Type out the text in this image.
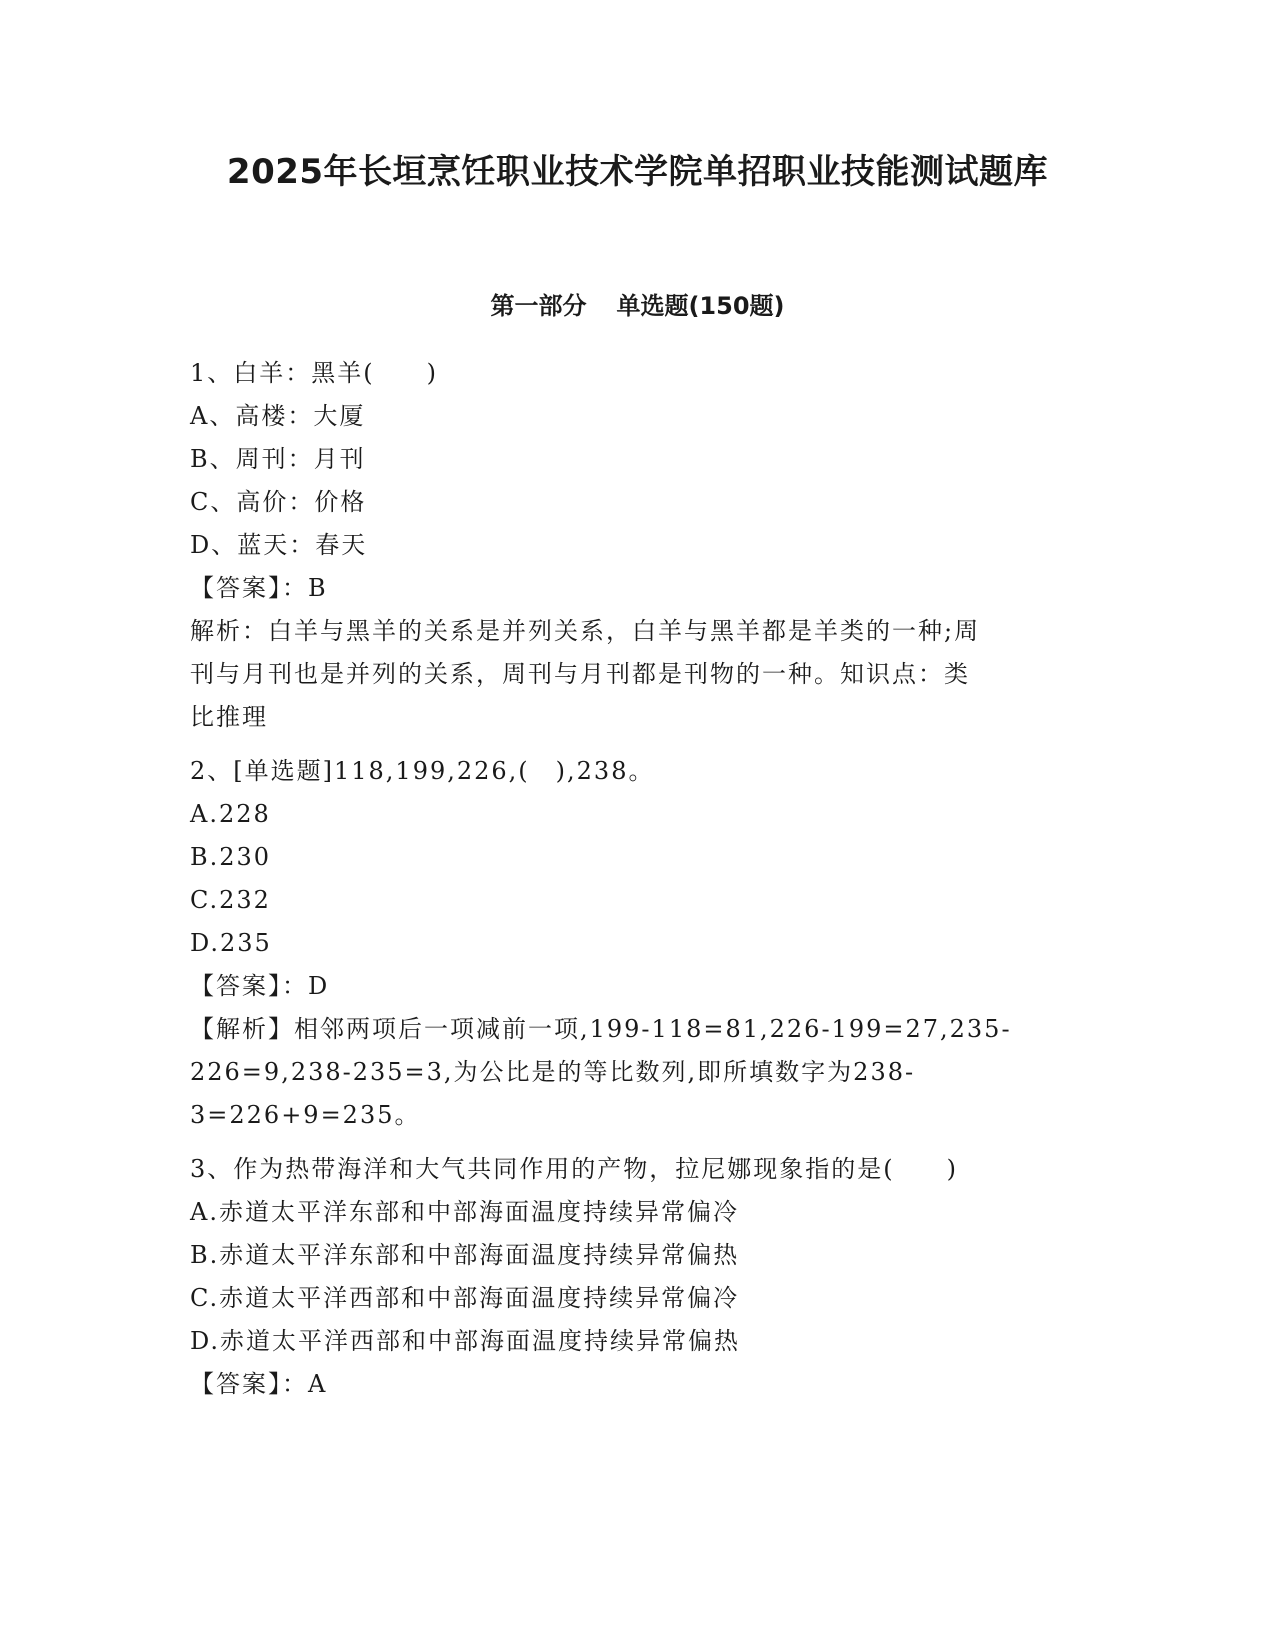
2025年长垣烹饪职业技术学院单招职业技能测试题库
第一部分 单选题(150题)
1、白羊：黑羊(　　)
A、高楼：大厦
B、周刊：月刊
C、高价：价格
D、蓝天：春天
【答案】：B
解析：白羊与黑羊的关系是并列关系，白羊与黑羊都是羊类的一种;周
刊与月刊也是并列的关系，周刊与月刊都是刊物的一种。知识点：类
比推理
2、[单选题]118,199,226,(　),238。
A.228
B.230
C.232
D.235
【答案】：D
【解析】相邻两项后一项减前一项,199-118=81,226-199=27,235-
226=9,238-235=3,为公比是的等比数列,即所填数字为238-
3=226+9=235。
3、作为热带海洋和大气共同作用的产物，拉尼娜现象指的是(　　)
A.赤道太平洋东部和中部海面温度持续异常偏冷
B.赤道太平洋东部和中部海面温度持续异常偏热
C.赤道太平洋西部和中部海面温度持续异常偏冷
D.赤道太平洋西部和中部海面温度持续异常偏热
【答案】：A
